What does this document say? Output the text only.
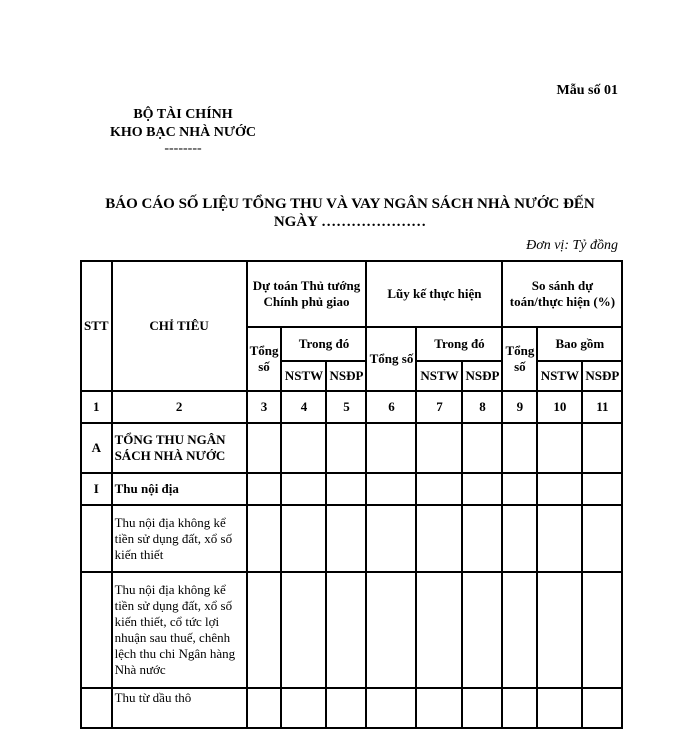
Mẫu số 01
BỘ TÀI CHÍNH
KHO BẠC NHÀ NƯỚC
--------
BÁO CÁO SỐ LIỆU TỔNG THU VÀ VAY NGÂN SÁCH NHÀ NƯỚC ĐẾN NGÀY …………………
Đơn vị: Tỷ đồng
STT	CHỈ TIÊU	Dự toán Thủ tướng Chính phủ giao			Lũy kế thực hiện			So sánh dự toán/thực hiện (%)		
		Tổng số	Trong đó		Tổng số	Trong đó		Tổng số	Bao gồm	
			NSTW	NSĐP		NSTW	NSĐP		NSTW	NSĐP
1	2	3	4	5	6	7	8	9	10	11
A	TỔNG THU NGÂN SÁCH NHÀ NƯỚC									
I	Thu nội địa									
	Thu nội địa không kể tiền sử dụng đất, xổ số kiến thiết									
	Thu nội địa không kể tiền sử dụng đất, xổ số kiến thiết, cổ tức lợi nhuận sau thuế, chênh lệch thu chi Ngân hàng Nhà nước									
	Thu từ dầu thô									
